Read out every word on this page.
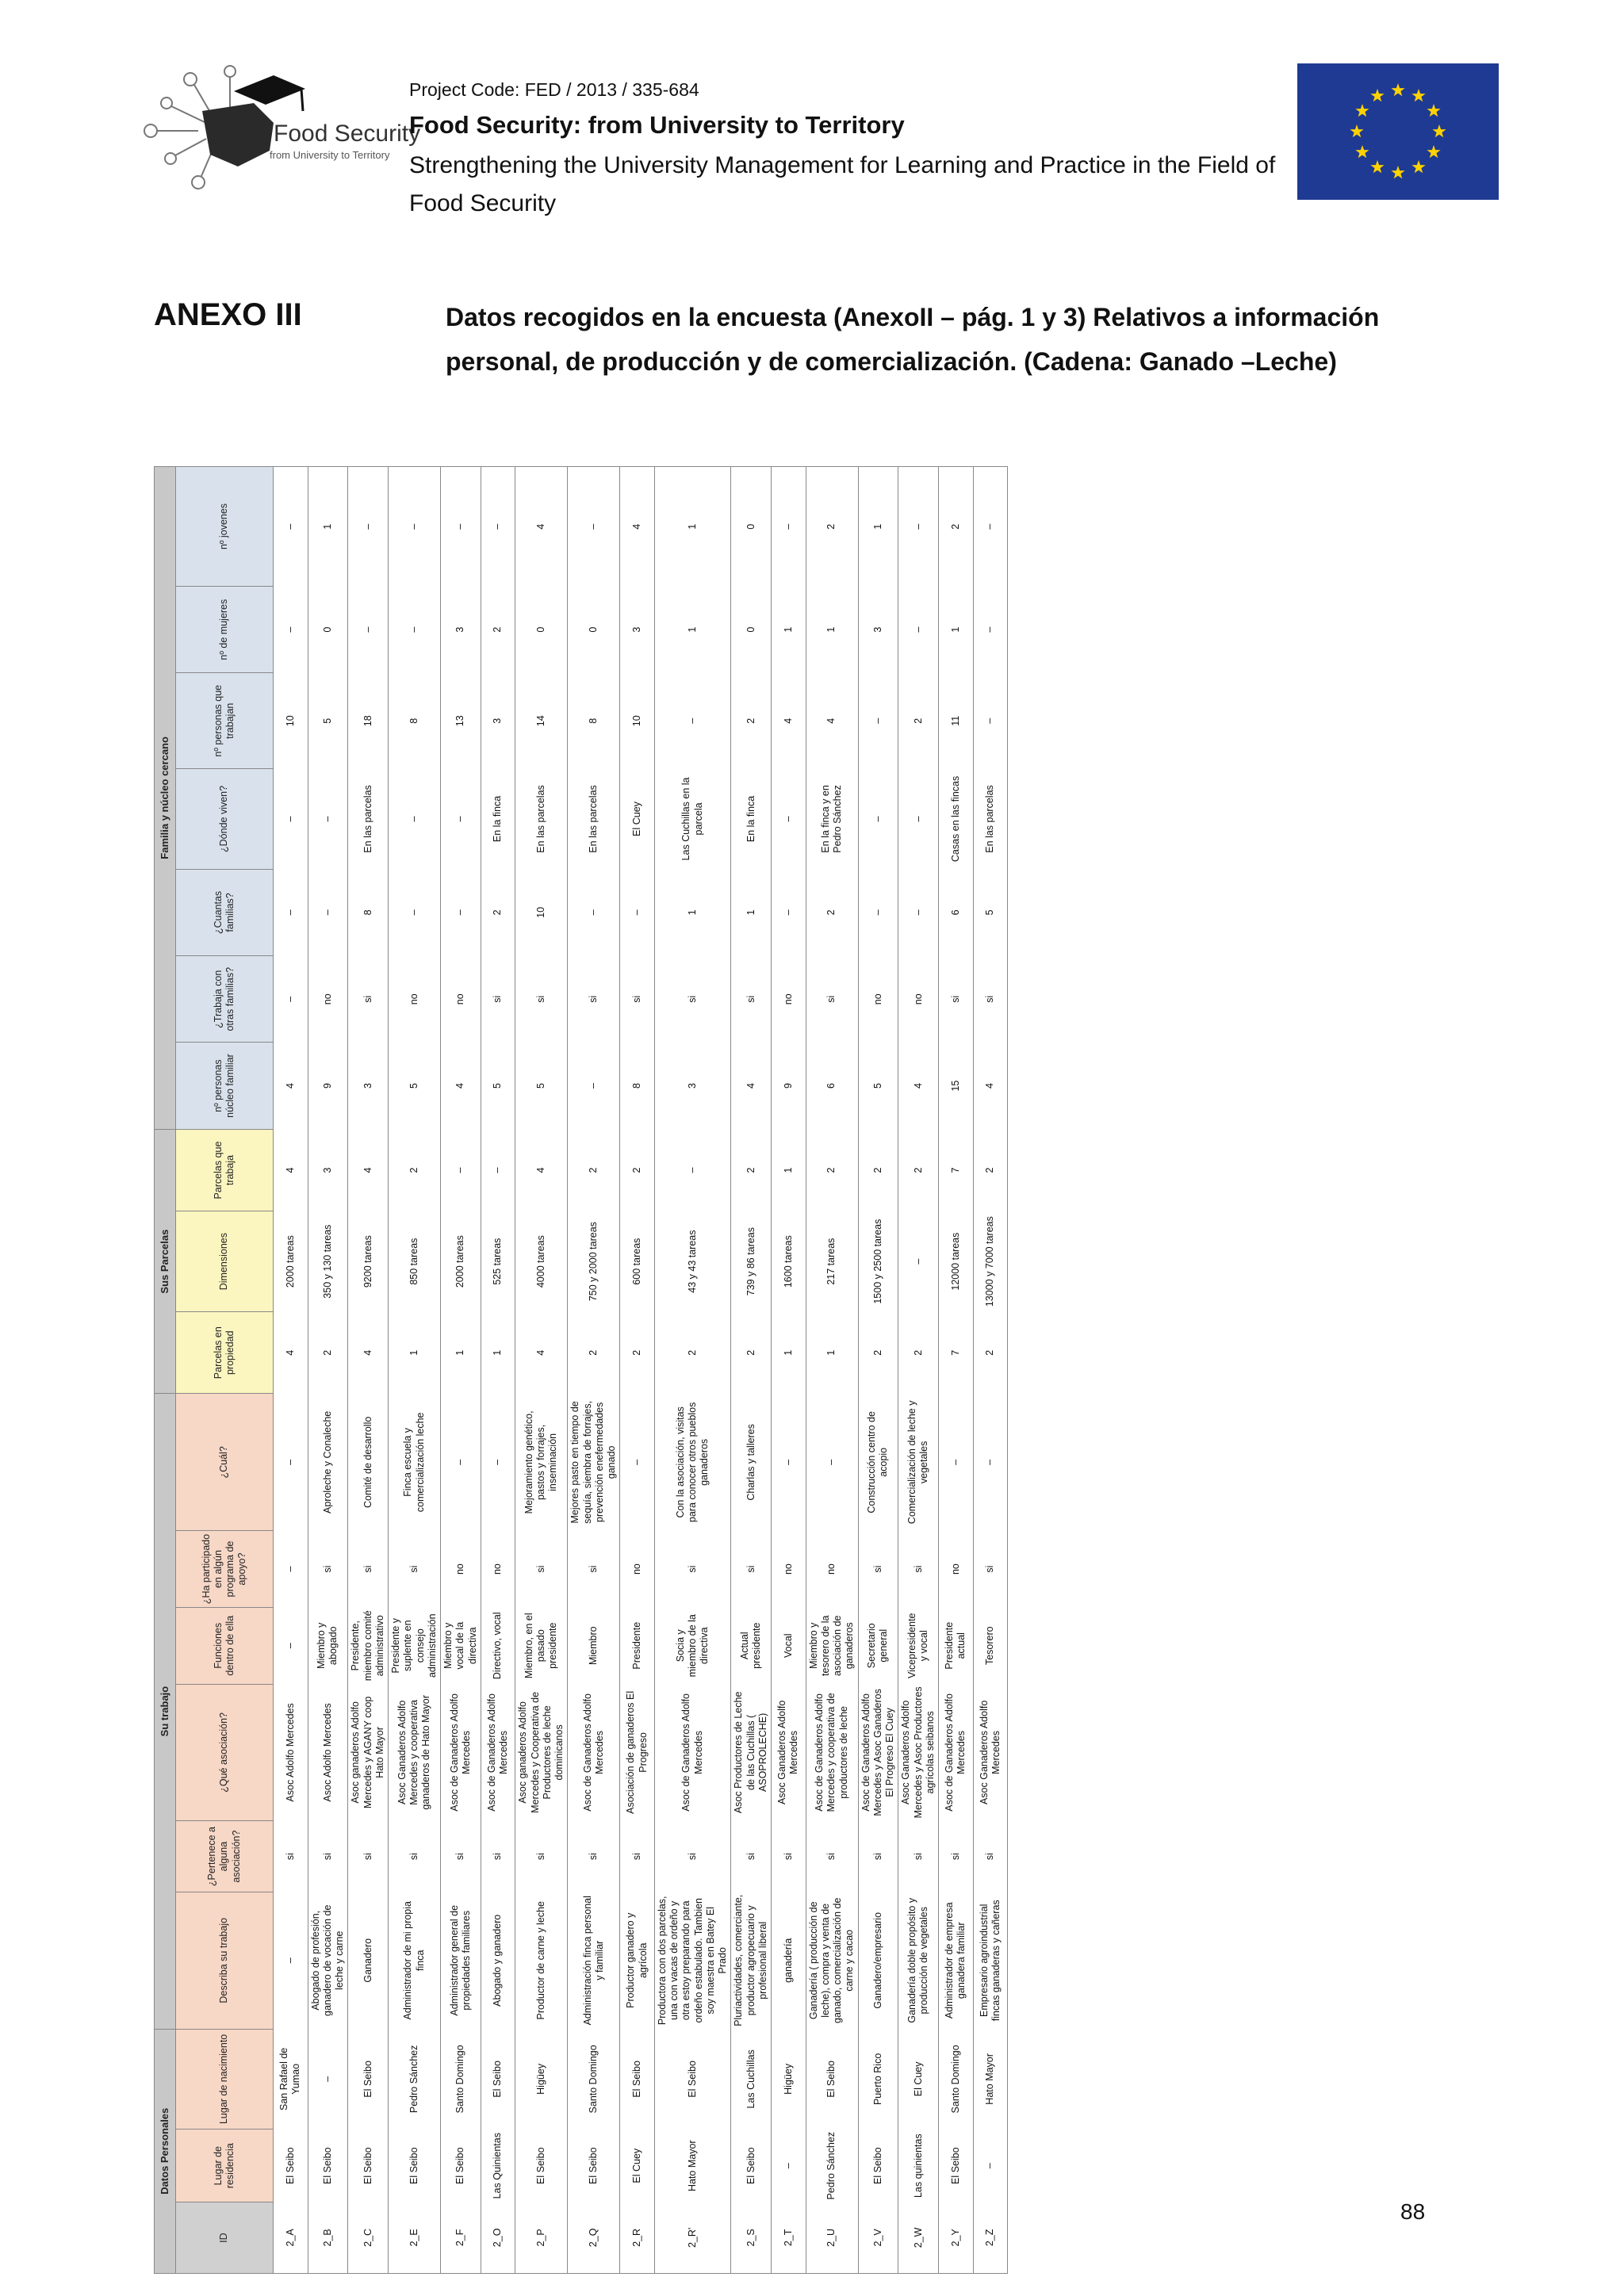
Food Security
from University to Territory
Project Code: FED / 2013 / 335-684
Food Security: from University to Territory
Strengthening the University Management for Learning and Practice in the Field of
Food Security
ANEXO III	Datos recogidos en la encuesta (AnexoII – pág. 1 y 3) Relativos a información
personal, de producción y de comercialización. (Cadena: Ganado –Leche)
Datos Personales			Su trabajo						Sus Parcelas			Familia y núcleo cercano						
ID	Lugar de residencia	Lugar de nacimiento	Describa su trabajo	¿Pertenece a alguna asociación?	¿Qué asociación?	Funciones dentro de ella	¿Ha participado en algún programa de apoyo?	¿Cuál?	Parcelas en propiedad	Dimensiones	Parcelas que trabaja	nº personas núcleo familiar	¿Trabaja con otras familias?	¿Cuantas familias?	¿Dónde viven?	nº personas que trabajan	nº de mujeres	nº jovenes
2_A	El Seibo	San Rafael de Yumao	–	si	Asoc Adolfo Mercedes	–	–	–	4	2000 tareas	4	4	–	–	–	10	–	–
2_B	El Seibo	–	Abogado de profesión, ganadero de vocación de leche y carne	si	Asoc Adolfo Mercedes	Miembro y abogado	si	Aproleche y Conaleche	2	350 y 130 tareas	3	9	no	–	–	5	0	1
2_C	El Seibo	El Seibo	Ganadero	si	Asoc ganaderos Adolfo Mercedes y AGANY coop Hato Mayor	Presidente, miembro comité administrativo	si	Comité de desarrollo	4	9200 tareas	4	3	si	8	En las parcelas	18	–	–
2_E	El Seibo	Pedro Sánchez	Administrador de mi propia finca	si	Asoc Ganaderos Adolfo Mercedes y cooperativa ganaderos de Hato Mayor	Presidente y suplente en consejo administración	si	Finca escuela y comercialización leche	1	850 tareas	2	5	no	–	–	8	–	–
2_F	El Seibo	Santo Domingo	Administrador general de propiedades familiares	si	Asoc de Ganaderos Adolfo Mercedes	Miembro y vocal de la directiva	no	–	1	2000 tareas	–	4	no	–	–	13	3	–
2_O	Las Quinientas	El Seibo	Abogado y ganadero	si	Asoc de Ganaderos Adolfo Mercedes	Directivo, vocal	no	–	1	525 tareas	–	5	si	2	En la finca	3	2	–
2_P	El Seibo	Higüey	Productor de carne y leche	si	Asoc ganaderos Adolfo Mercedes y Cooperativa de Productores de leche dominicanos	Miembro, en el pasado presidente	si	Mejoramiento genético, pastos y forrajes, inseminación	4	4000 tareas	4	5	si	10	En las parcelas	14	0	4
2_Q	El Seibo	Santo Domingo	Administración finca personal y familiar	si	Asoc de Ganaderos Adolfo Mercedes	Miembro	si	Mejores pasto en tiempo de sequía, siembra de forrajes, prevención enefermedades ganado	2	750 y 2000 tareas	2	–	si	–	En las parcelas	8	0	–
2_R	El Cuey	El Seibo	Productor ganadero y agrícola	si	Asociación de ganaderos El Progreso	Presidente	no	–	2	600 tareas	2	8	si	–	El Cuey	10	3	4
2_R'	Hato Mayor	El Seibo	Productora con dos parcelas, una con vacas de ordeño y otra estoy preparando para ordeño estabulado. Tambien soy maestra en Batey El Prado	si	Asoc de Ganaderos Adolfo Mercedes	Socia y miembro de la directiva	si	Con la asociación, visitas para conocer otros pueblos ganaderos	2	43 y 43 tareas	–	3	si	1	Las Cuchillas en la parcela	–	1	1
2_S	El Seibo	Las Cuchillas	Pluriactividades, comerciante, productor agropecuario y profesional liberal	si	Asoc Productores de Leche de las Cuchillas ( ASOPROLECHE)	Actual presidente	si	Charlas y talleres	2	739 y 86 tareas	2	4	si	1	En la finca	2	0	0
2_T	–	Higüey	ganadería	si	Asoc Ganaderos Adolfo Mercedes	Vocal	no	–	1	1600 tareas	1	9	no	–	–	4	1	–
2_U	Pedro Sánchez	El Seibo	Ganadería ( producción de leche), compra y venta de ganado, comercialización de carne y cacao	si	Asoc de Ganaderos Adolfo Mercedes y cooperativa de productores de leche	Miembro y tesorero de la asociación de ganaderos	no	–	1	217 tareas	2	6	si	2	En la finca y en Pedro Sánchez	4	1	2
2_V	El Seibo	Puerto Rico	Ganadero/empresario	si	Asoc de Ganaderos Adolfo Mercedes y Asoc Ganaderos El Progreso El Cuey	Secretario general	si	Construcción centro de acopio	2	1500 y 2500 tareas	2	5	no	–	–	–	3	1
2_W	Las quinientas	El Cuey	Ganadería doble propósito y producción de vegetales	si	Asoc Ganaderos Adolfo Mercedes y Asoc Productores agrícolas seibanos	Vicepresidente y vocal	si	Comercialización de leche y vegetales	2	–	2	4	no	–	–	2	–	–
2_Y	El Seibo	Santo Domingo	Administrador de empresa ganadera familiar	si	Asoc de Ganaderos Adolfo Mercedes	Presidente actual	no	–	7	12000 tareas	7	15	si	6	Casas en las fincas	11	1	2
2_Z	–	Hato Mayor	Empresario agroindustrial fincas ganaderas y cañeras	si	Asoc Ganaderos Adolfo Mercedes	Tesorero	si	–	2	13000 y 7000 tareas	2	4	si	5	En las parcelas	–	–	–
88
